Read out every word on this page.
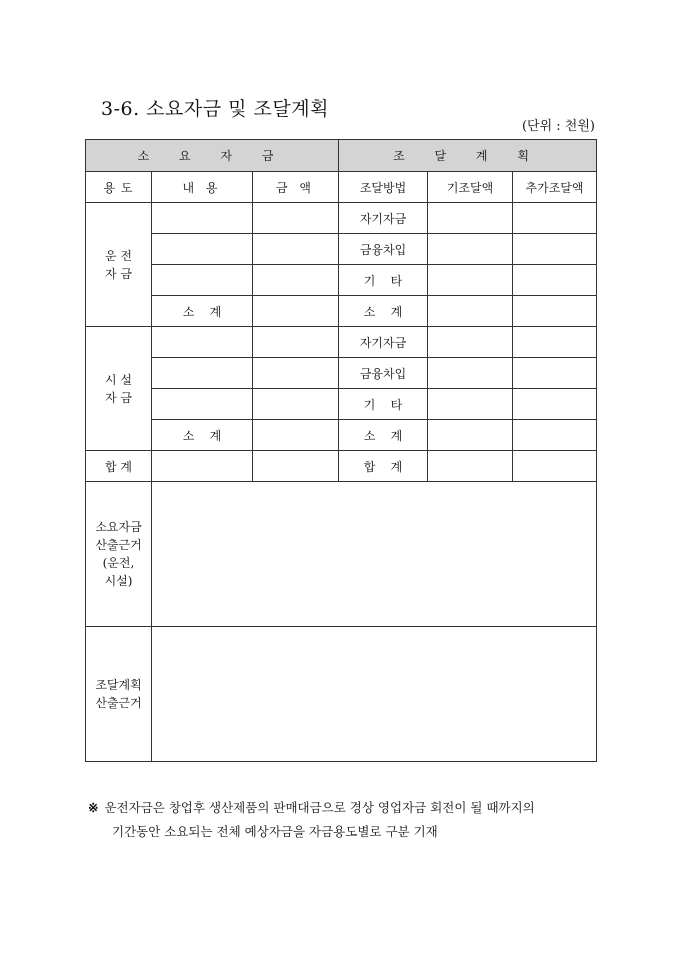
3-6. 소요자금 및 조달계획
(단위 : 천원)
소 요 자 금			조 달 계 획		
용 도	내 용	금 액	조달방법	기조달액	추가조달액

운 전
자 금			자기자금		
			금융차입		
			기    타		
	소    계		소    계		

시 설
자 금			자기자금		
			금융차입		
			기    타		
	소    계		소    계		
합 계			합    계		

소요자금
산출근거
(운전,
시설)					

조달계획
산출근거					

※ 운전자금은 창업후 생산제품의 판매대금으로 경상 영업자금 회전이 될 때까지의
기간동안 소요되는 전체 예상자금을 자금용도별로 구분 기재
